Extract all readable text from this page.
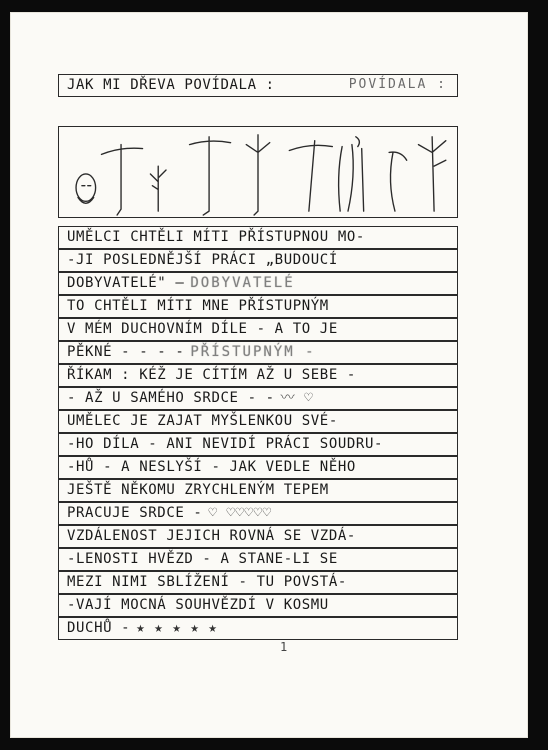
JAK MI DŘEVA POVÍDALA :	POVÍDALA :
UMĚLCI CHTĚLI MÍTI PŘÍSTUPNOU MO-
-JI POSLEDNĚJŠÍ PRÁCI „BUDOUCÍ
DOBYVATELÉ" — DOBYVATELÉ
TO CHTĚLI MÍTI MNE PŘÍSTUPNÝM
V MÉM DUCHOVNÍM DÍLE - A TO JE
PĚKNÉ - - - - PŘÍSTUPNÝM -
ŘÍKAM : KÉŽ JE CÍTÍM AŽ U SEBE -
- AŽ U SAMÉHO SRDCE - - 〰 ♡
UMĚLEC JE ZAJAT MYŠLENKOU SVÉ-
-HO DÍLA - ANI NEVIDÍ PRÁCI SOUDRU-
-HŮ - A NESLYŠÍ - JAK VEDLE NĚHO
JEŠTĚ NĚKOMU ZRYCHLENÝM TEPEM
PRACUJE SRDCE - ♡ ♡♡♡♡♡
VZDÁLENOST JEJICH ROVNÁ SE VZDÁ-
-LENOSTI HVĚZD - A STANE-LI SE
MEZI NIMI SBLÍŽENÍ - TU POVSTÁ-
-VAJÍ MOCNÁ SOUHVĚZDÍ V KOSMU
DUCHŮ - ★ ★ ★ ★ ★
1
